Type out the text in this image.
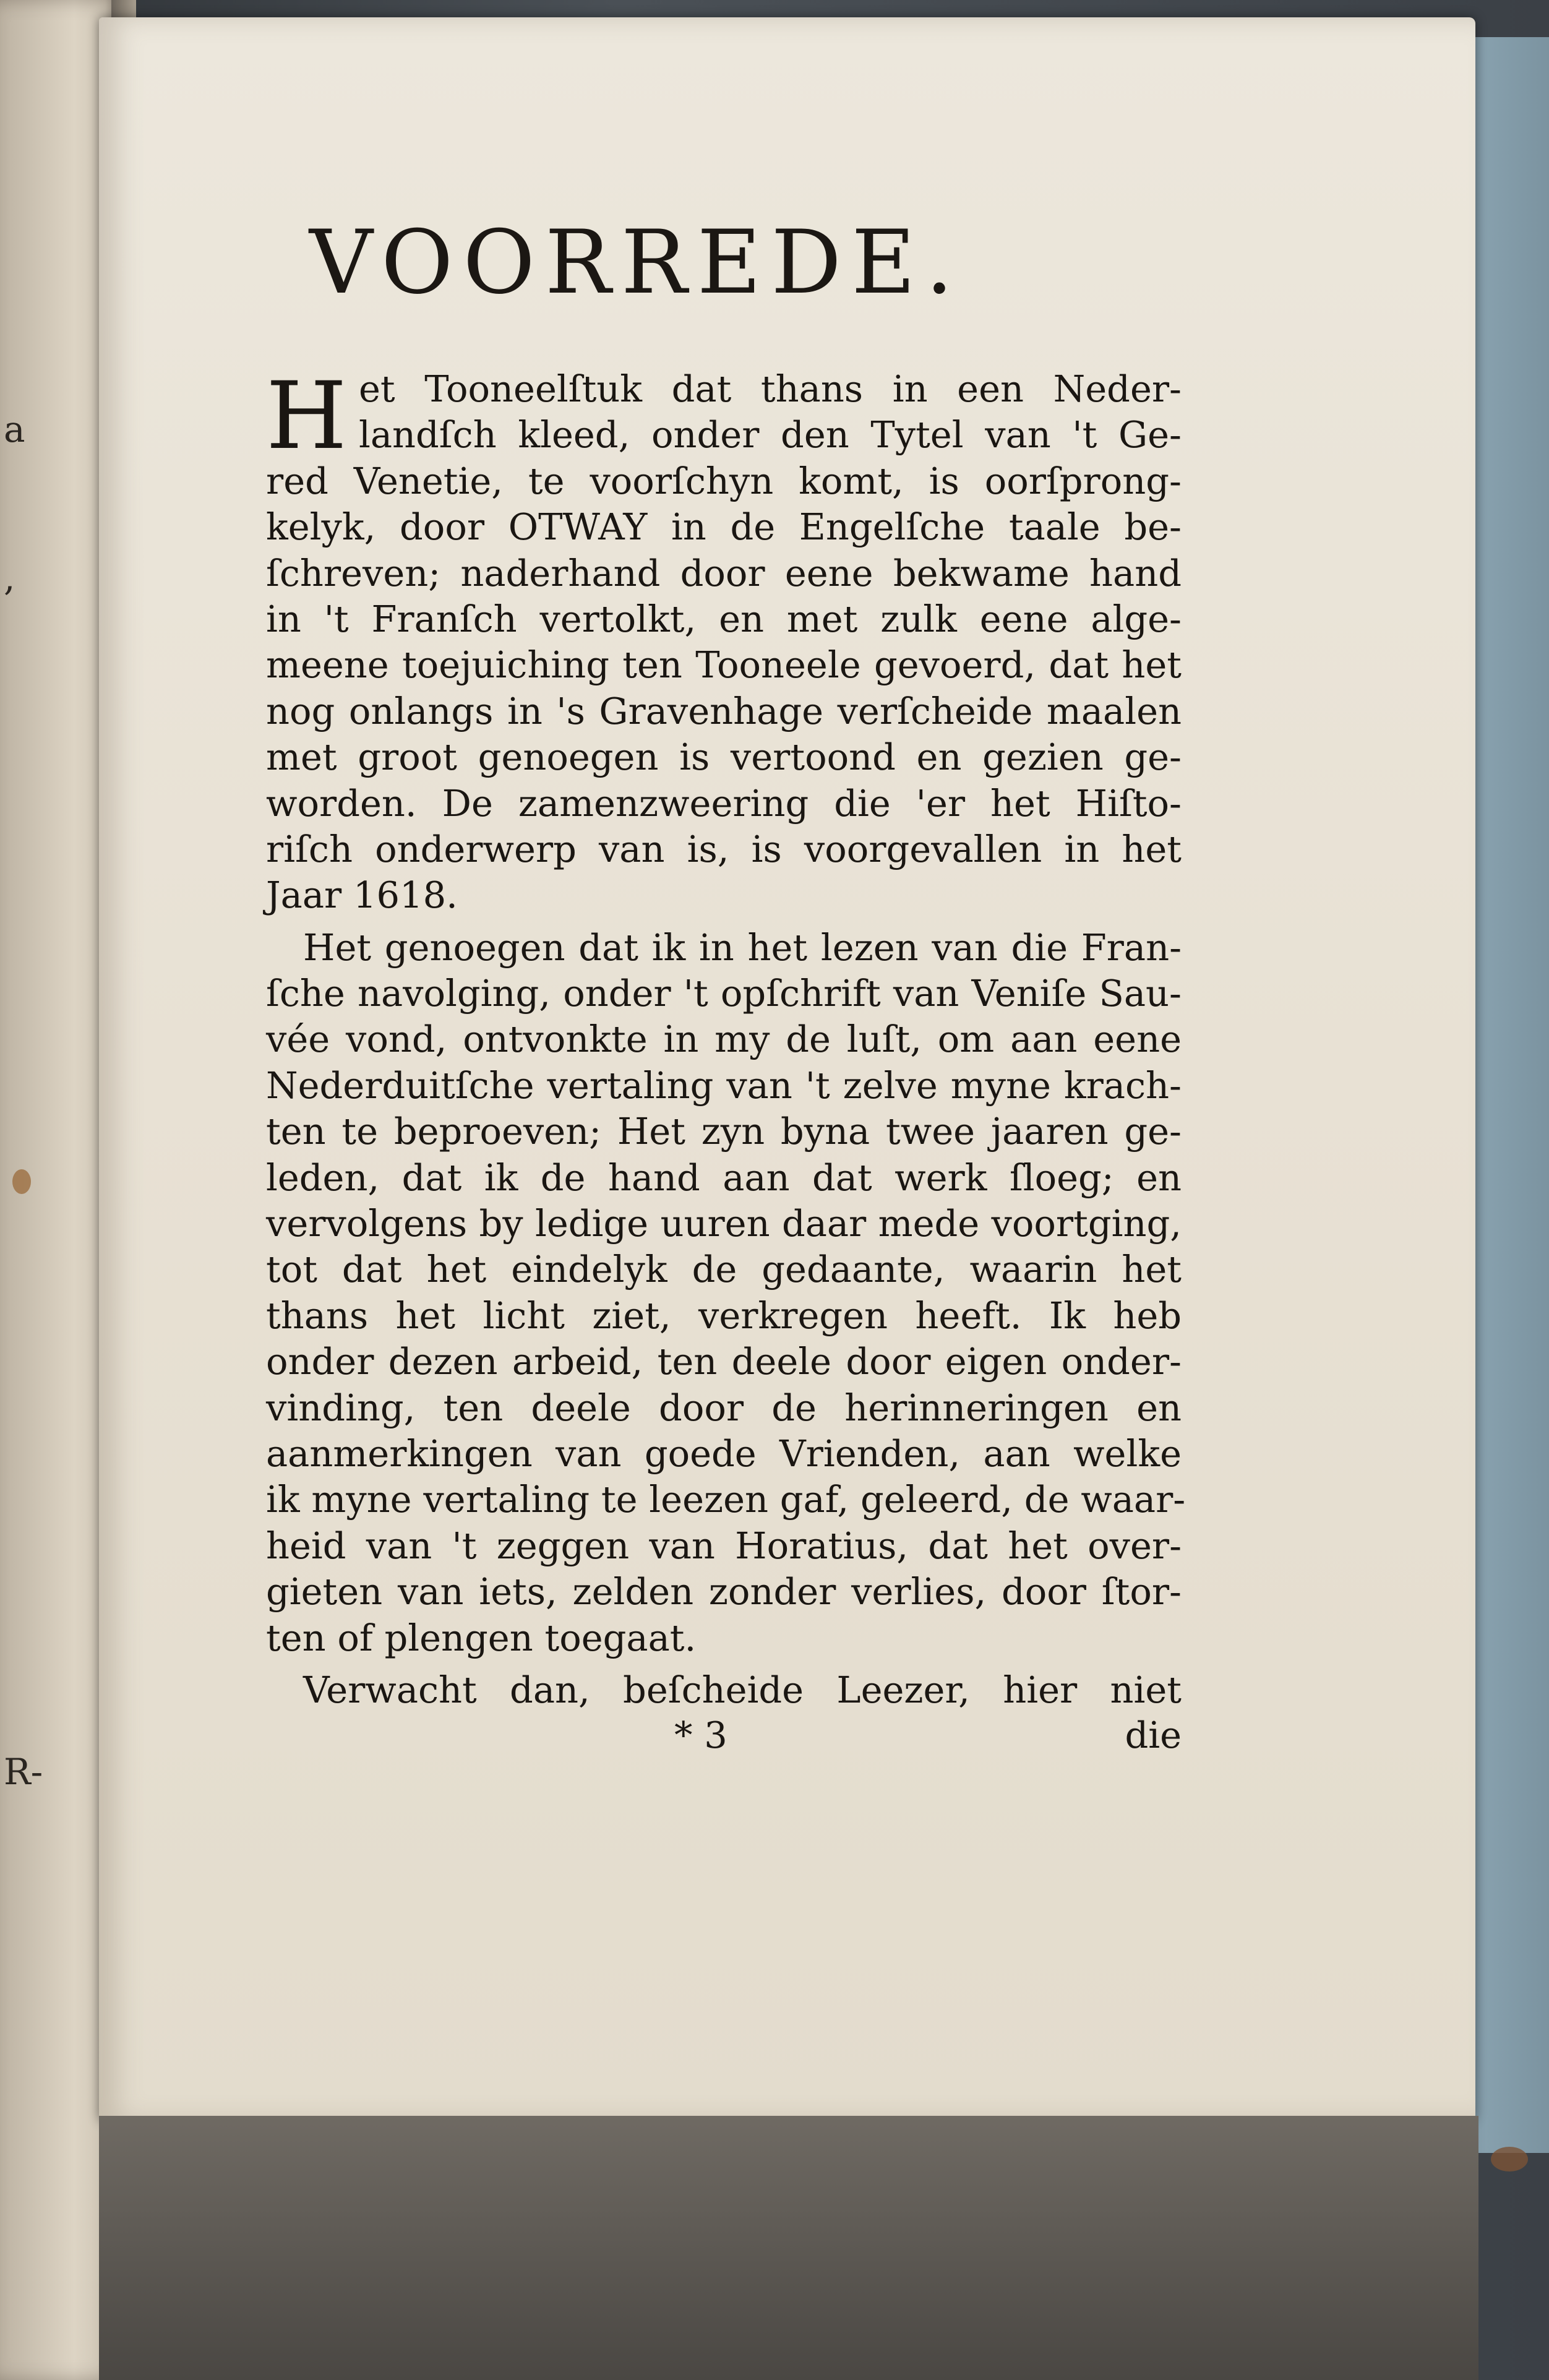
a
,
R-
VOORREDE.
H et Tooneelſtuk dat thans in een Neder-
landſch kleed, onder den Tytel van 't Ge-
red Venetie, te voorſchyn komt, is oorſprong-
kelyk, door OTWAY in de Engelſche taale be-
ſchreven; naderhand door eene bekwame hand
in 't Franſch vertolkt, en met zulk eene alge-
meene toejuiching ten Tooneele gevoerd, dat het
nog onlangs in 's Gravenhage verſcheide maalen
met groot genoegen is vertoond en gezien ge-
worden. De zamenzweering die 'er het Hiſto-
riſch onderwerp van is, is voorgevallen in het
Jaar 1618.
Het genoegen dat ik in het lezen van die Fran-
ſche navolging, onder 't opſchrift van Veniſe Sau-
vée vond, ontvonkte in my de luſt, om aan eene
Nederduitſche vertaling van 't zelve myne krach-
ten te beproeven; Het zyn byna twee jaaren ge-
leden, dat ik de hand aan dat werk ſloeg; en
vervolgens by ledige uuren daar mede voortging,
tot dat het eindelyk de gedaante, waarin het
thans het licht ziet, verkregen heeft. Ik heb
onder dezen arbeid, ten deele door eigen onder-
vinding, ten deele door de herinneringen en
aanmerkingen van goede Vrienden, aan welke
ik myne vertaling te leezen gaf, geleerd, de waar-
heid van 't zeggen van Horatius, dat het over-
gieten van iets, zelden zonder verlies, door ſtor-
ten of plengen toegaat.
Verwacht dan, beſcheide Leezer, hier niet
* 3	die
